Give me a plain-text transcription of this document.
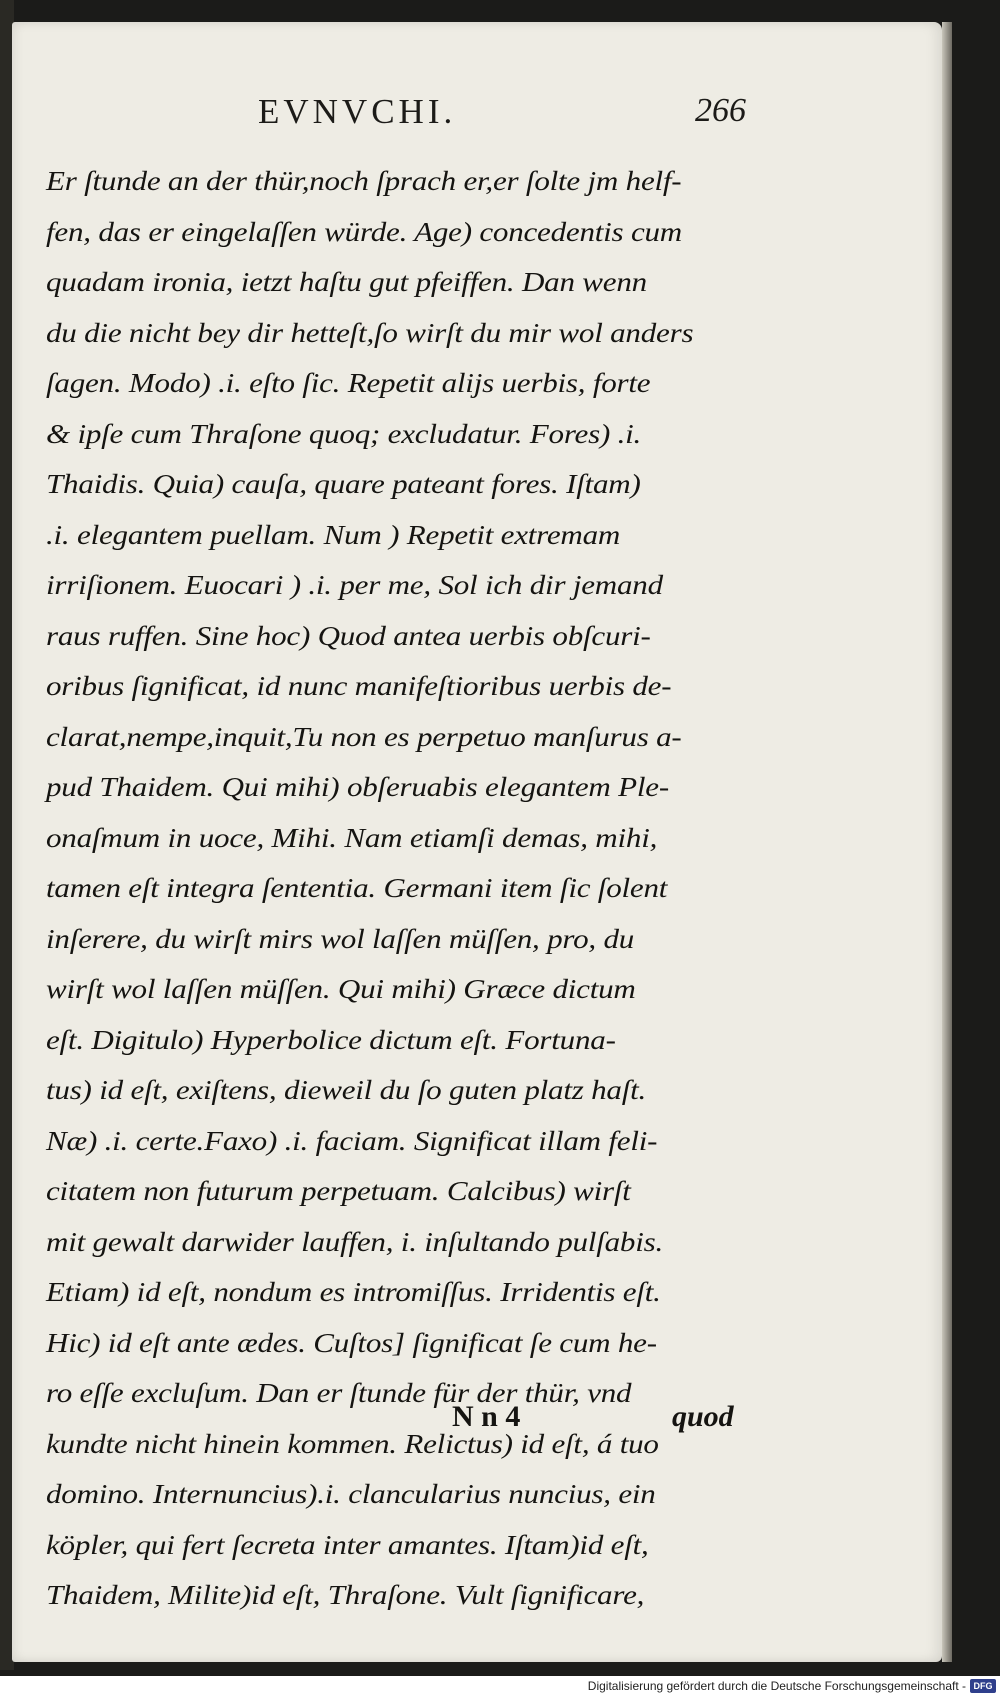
EVNVCHI.	266
Er ſtunde an der thür,noch ſprach er,er ſolte jm helf-
fen, das er eingelaſſen würde. Age) concedentis cum
quadam ironia, ietzt haſtu gut pfeiffen. Dan wenn
du die nicht bey dir hetteſt,ſo wirſt du mir wol anders
ſagen. Modo) .i. eſto ſic. Repetit alijs uerbis, forte
& ipſe cum Thraſone quoq; excludatur. Fores) .i.
Thaidis. Quia) cauſa, quare pateant fores. Iſtam)
.i. elegantem puellam. Num ) Repetit extremam
irriſionem. Euocari ) .i. per me, Sol ich dir jemand
raus ruffen. Sine hoc) Quod antea uerbis obſcuri-
oribus ſignificat, id nunc manifeſtioribus uerbis de-
clarat,nempe,inquit,Tu non es perpetuo manſurus a-
pud Thaidem. Qui mihi) obſeruabis elegantem Ple-
onaſmum in uoce, Mihi. Nam etiamſi demas, mihi,
tamen eſt integra ſententia. Germani item ſic ſolent
inſerere, du wirſt mirs wol laſſen müſſen, pro, du
wirſt wol laſſen müſſen. Qui mihi) Græce dictum
eſt. Digitulo) Hyperbolice dictum eſt. Fortuna-
tus) id eſt, exiſtens, dieweil du ſo guten platz haſt.
Næ) .i. certe.Faxo) .i. faciam. Significat illam feli-
citatem non futurum perpetuam. Calcibus) wirſt
mit gewalt darwider lauffen, i. inſultando pulſabis.
Etiam) id eſt, nondum es intromiſſus. Irridentis eſt.
Hic) id eſt ante ædes. Cuſtos] ſignificat ſe cum he-
ro eſſe excluſum. Dan er ſtunde für der thür, vnd
kundte nicht hinein kommen. Relictus) id eſt, á tuo
domino. Internuncius).i. clancularius nuncius, ein
köpler, qui fert ſecreta inter amantes. Iſtam)id eſt,
Thaidem, Milite)id eſt, Thraſone. Vult ſignificare,
N n 4	quod
Digitalisierung gefördert durch die Deutsche Forschungsgemeinschaft - DFG
